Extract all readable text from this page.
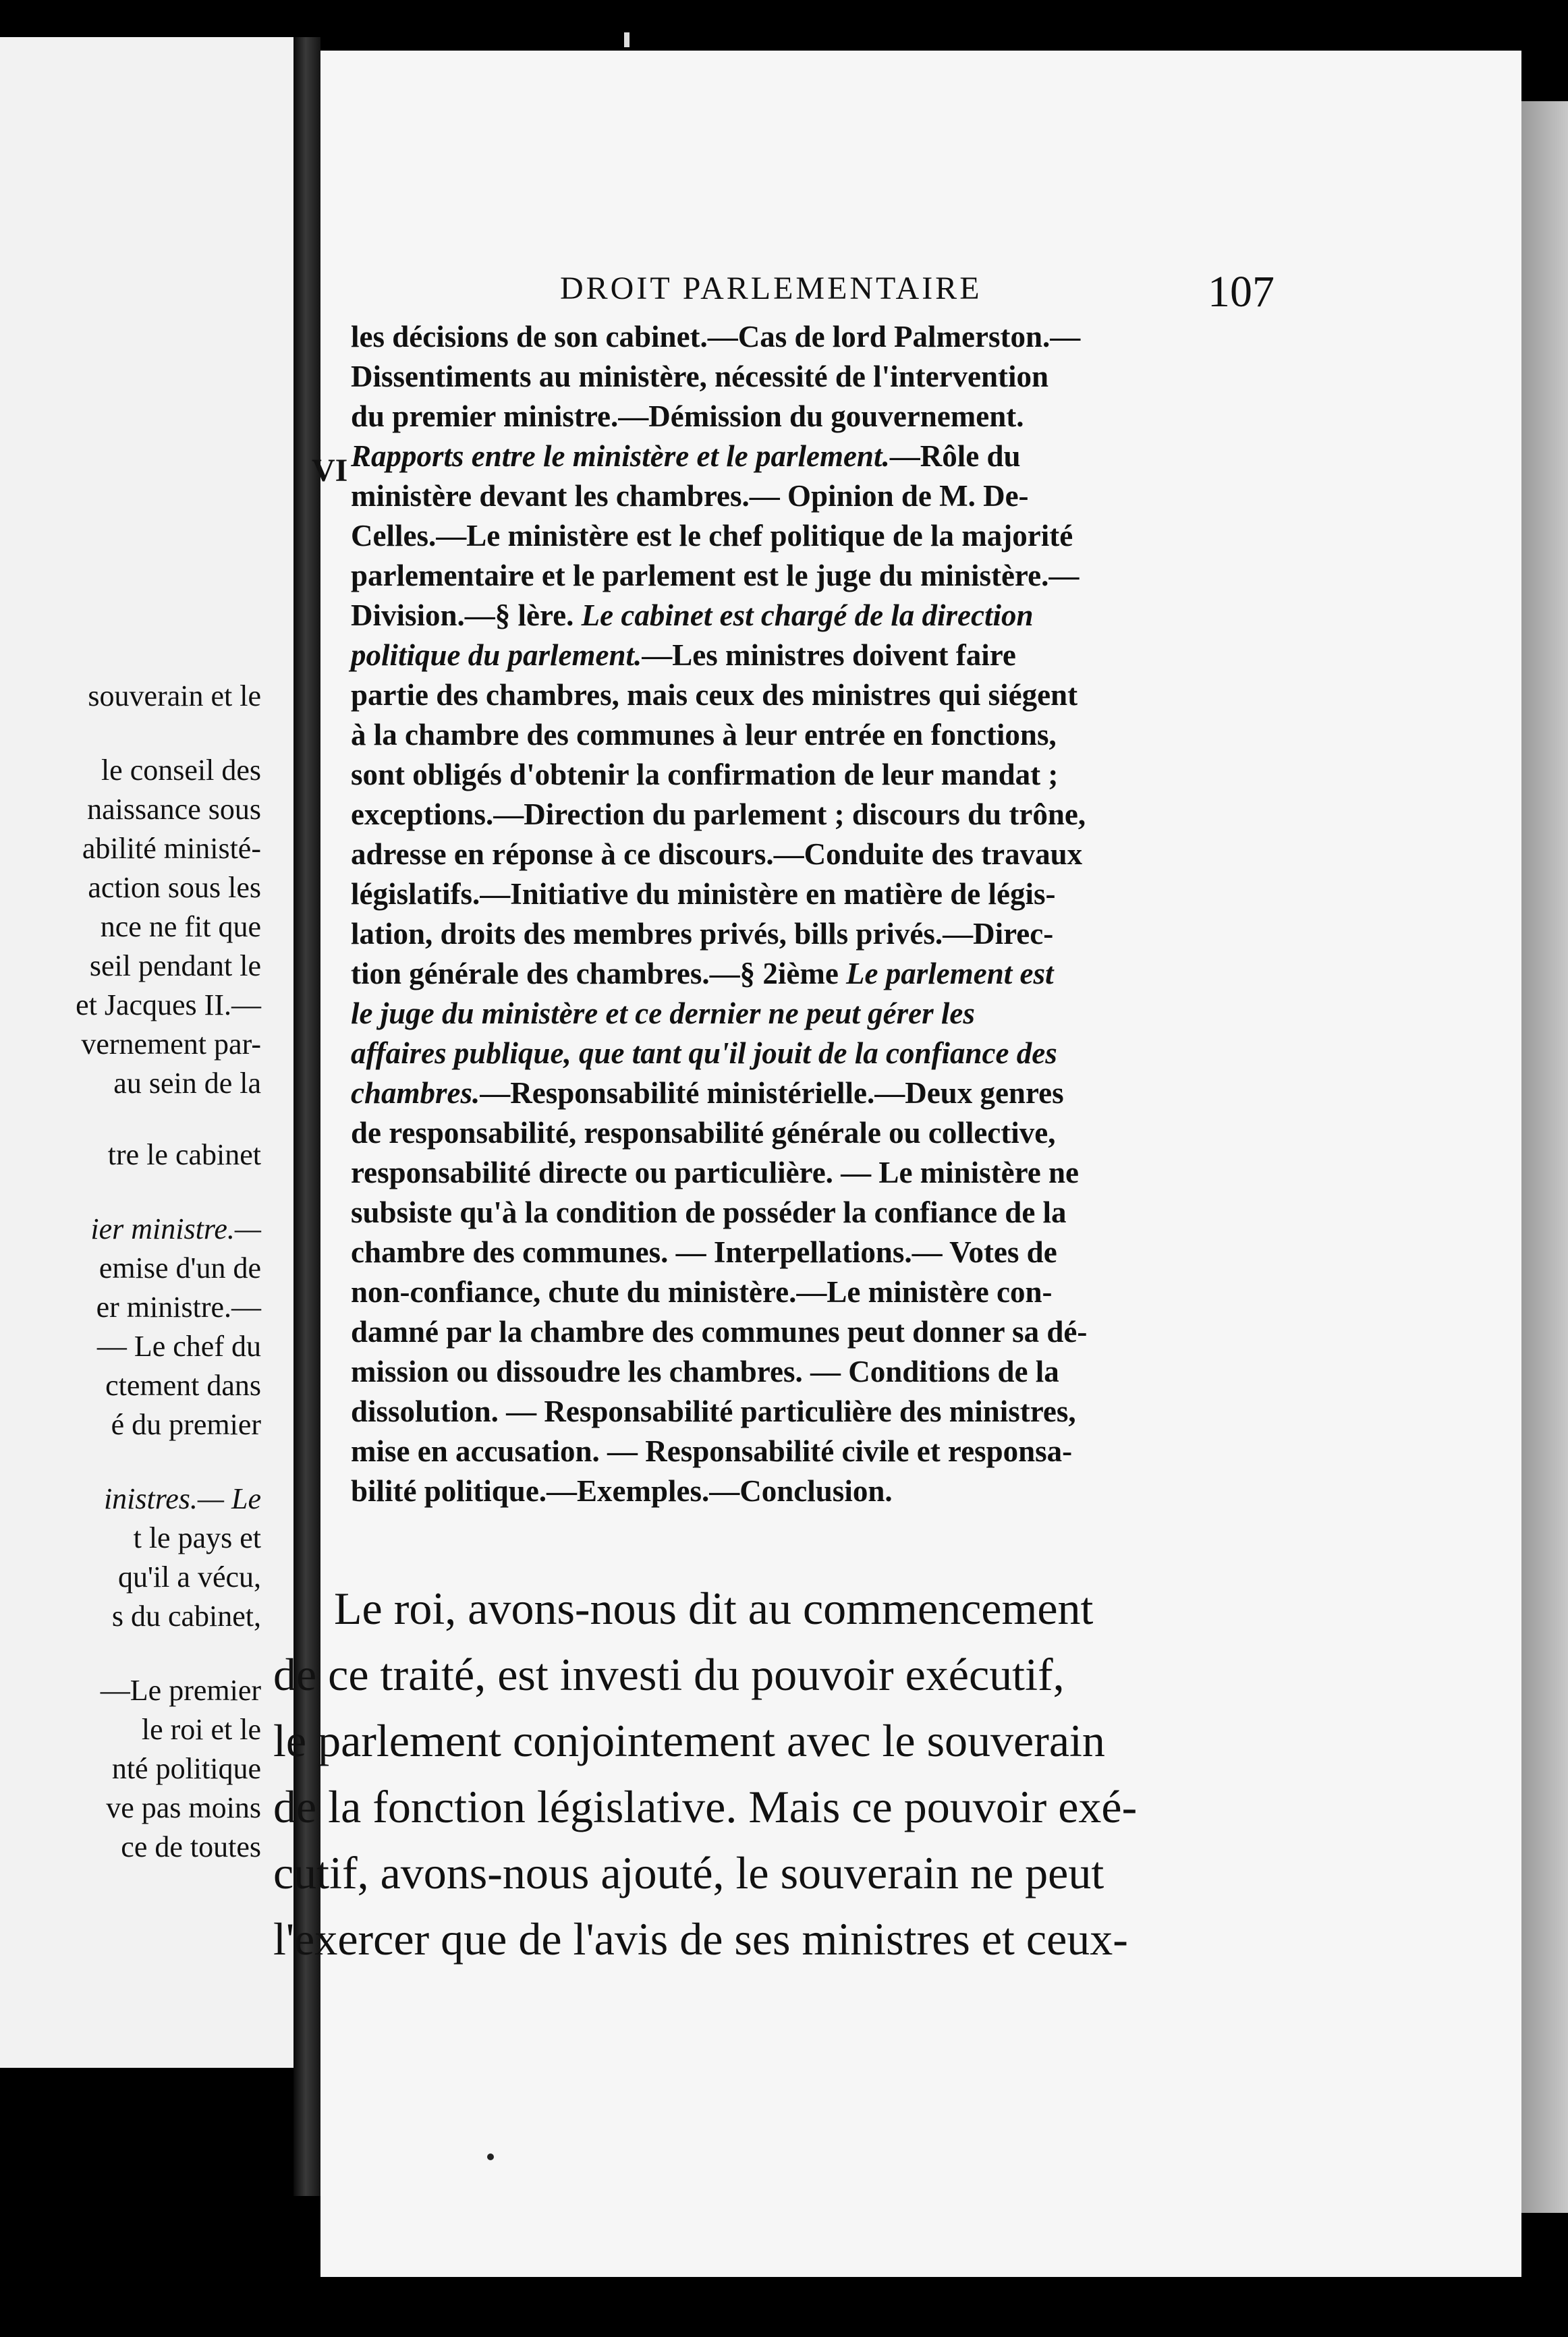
souverain et le
le conseil des
naissance sous
abilité ministé-
action sous les
nce ne fit que
seil pendant le
et Jacques II.—
vernement par-
au sein de la
tre le cabinet
ier ministre.—
emise d'un de
er ministre.—
— Le chef du
ctement dans
é du premier
inistres.— Le
t le pays et
qu'il a vécu,
s du cabinet,
—Le premier
le roi et le
nté politique
ve pas moins
ce de toutes
DROIT PARLEMENTAIRE	107
VI
les décisions de son cabinet.—Cas de lord Palmerston.—
Dissentiments au ministère, nécessité de l'intervention
du premier ministre.—Démission du gouvernement.
Rapports entre le ministère et le parlement.—Rôle du
ministère devant les chambres.— Opinion de M. De-
Celles.—Le ministère est le chef politique de la majorité
parlementaire et le parlement est le juge du ministère.—
Division.—§ lère. Le cabinet est chargé de la direction
politique du parlement.—Les ministres doivent faire
partie des chambres, mais ceux des ministres qui siégent
à la chambre des communes à leur entrée en fonctions,
sont obligés d'obtenir la confirmation de leur mandat ;
exceptions.—Direction du parlement ; discours du trône,
adresse en réponse à ce discours.—Conduite des travaux
législatifs.—Initiative du ministère en matière de légis-
lation, droits des membres privés, bills privés.—Direc-
tion générale des chambres.—§ 2ième Le parlement est
le juge du ministère et ce dernier ne peut gérer les
affaires publique, que tant qu'il jouit de la confiance des
chambres.—Responsabilité ministérielle.—Deux genres
de responsabilité, responsabilité générale ou collective,
responsabilité directe ou particulière. — Le ministère ne
subsiste qu'à la condition de posséder la confiance de la
chambre des communes. — Interpellations.— Votes de
non-confiance, chute du ministère.—Le ministère con-
damné par la chambre des communes peut donner sa dé-
mission ou dissoudre les chambres. — Conditions de la
dissolution. — Responsabilité particulière des ministres,
mise en accusation. — Responsabilité civile et responsa-
bilité politique.—Exemples.—Conclusion.
Le roi, avons-nous dit au commencement
de ce traité, est investi du pouvoir exécutif,
le parlement conjointement avec le souverain
de la fonction législative. Mais ce pouvoir exé-
cutif, avons-nous ajouté, le souverain ne peut
l'exercer que de l'avis de ses ministres et ceux-
